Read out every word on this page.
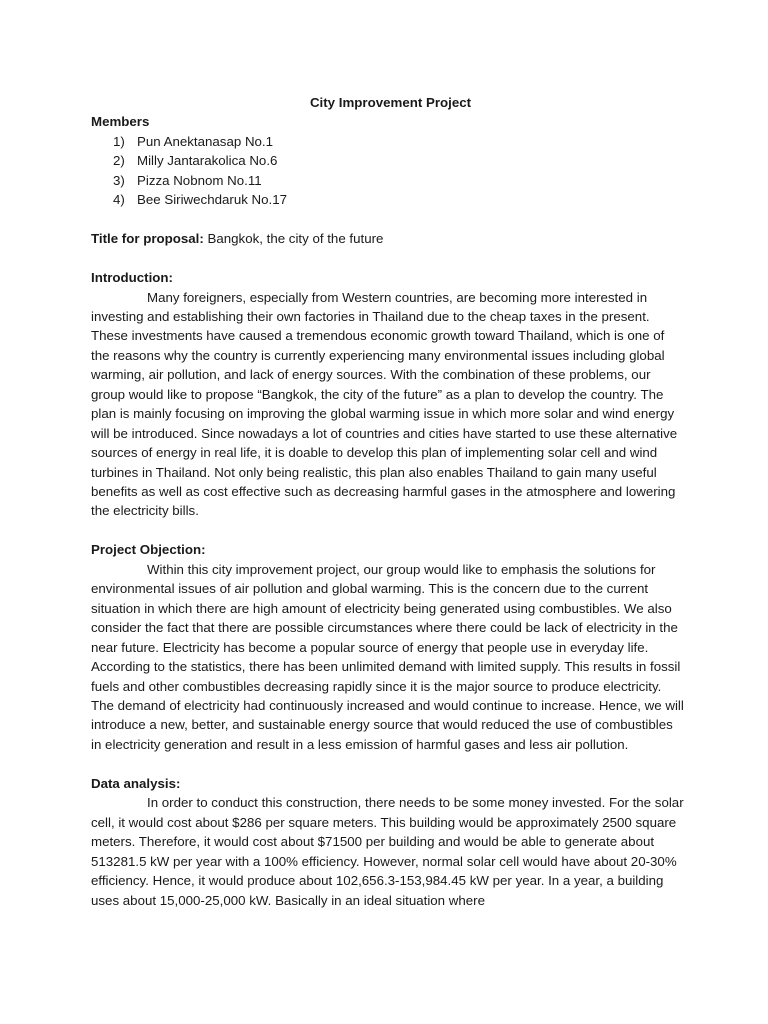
City Improvement Project

Members

1) Pun Anektanasap No.1
2) Milly Jantarakolica No.6
3) Pizza Nobnom No.11
4) Bee Siriwechdaruk No.17

Title for proposal: Bangkok, the city of the future

Introduction:

Many foreigners, especially from Western countries, are becoming more interested in investing and establishing their own factories in Thailand due to the cheap taxes in the present. These investments have caused a tremendous economic growth toward Thailand, which is one of the reasons why the country is currently experiencing many environmental issues including global warming, air pollution, and lack of energy sources. With the combination of these problems, our group would like to propose “Bangkok, the city of the future” as a plan to develop the country. The plan is mainly focusing on improving the global warming issue in which more solar and wind energy will be introduced. Since nowadays a lot of countries and cities have started to use these alternative sources of energy in real life, it is doable to develop this plan of implementing solar cell and wind turbines in Thailand. Not only being realistic, this plan also enables Thailand to gain many useful benefits as well as cost effective such as decreasing harmful gases in the atmosphere and lowering the electricity bills.

Project Objection:

Within this city improvement project, our group would like to emphasis the solutions for environmental issues of air pollution and global warming. This is the concern due to the current situation in which there are high amount of electricity being generated using combustibles. We also consider the fact that there are possible circumstances where there could be lack of electricity in the near future. Electricity has become a popular source of energy that people use in everyday life. According to the statistics, there has been unlimited demand with limited supply. This results in fossil fuels and other combustibles decreasing rapidly since it is the major source to produce electricity. The demand of electricity had continuously increased and would continue to increase. Hence, we will introduce a new, better, and sustainable energy source that would reduced the use of combustibles in electricity generation and result in a less emission of harmful gases and less air pollution.

Data analysis:

In order to conduct this construction, there needs to be some money invested. For the solar cell, it would cost about $286 per square meters. This building would be approximately 2500 square meters. Therefore, it would cost about $71500 per building and would be able to generate about 513281.5 kW per year with a 100% efficiency. However, normal solar cell would have about 20-30% efficiency. Hence, it would produce about 102,656.3-153,984.45 kW per year. In a year, a building uses about 15,000-25,000 kW. Basically in an ideal situation where
